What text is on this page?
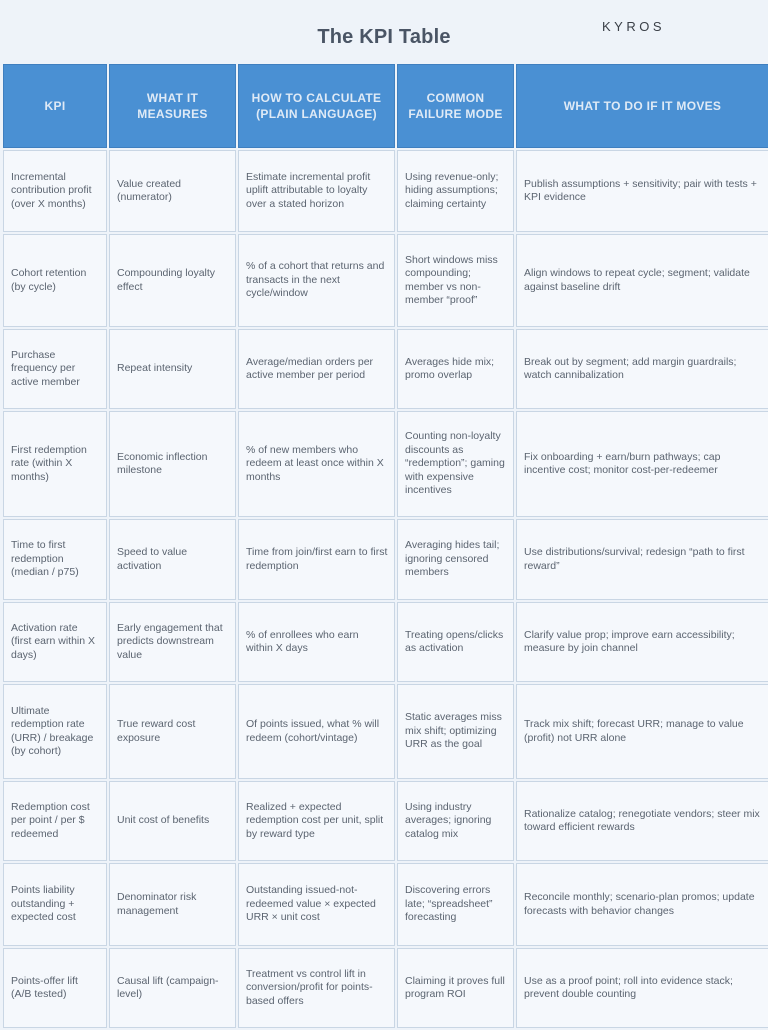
The KPI Table	KYROS
KPI	WHAT IT MEASURES	HOW TO CALCULATE (PLAIN LANGUAGE)	COMMON FAILURE MODE	WHAT TO DO IF IT MOVES
Incremental contribution profit (over X months)	Value created (numerator)	Estimate incremental profit uplift attributable to loyalty over a stated horizon	Using revenue-only; hiding assumptions; claiming certainty	Publish assumptions + sensitivity; pair with tests + KPI evidence
Cohort retention (by cycle)	Compounding loyalty effect	% of a cohort that returns and transacts in the next cycle/window	Short windows miss compounding; member vs non-member “proof”	Align windows to repeat cycle; segment; validate against baseline drift
Purchase frequency per active member	Repeat intensity	Average/median orders per active member per period	Averages hide mix; promo overlap	Break out by segment; add margin guardrails; watch cannibalization
First redemption rate (within X months)	Economic inflection milestone	% of new members who redeem at least once within X months	Counting non-loyalty discounts as “redemption”; gaming with expensive incentives	Fix onboarding + earn/burn pathways; cap incentive cost; monitor cost-per-redeemer
Time to first redemption (median / p75)	Speed to value activation	Time from join/first earn to first redemption	Averaging hides tail; ignoring censored members	Use distributions/survival; redesign “path to first reward”
Activation rate (first earn within X days)	Early engagement that predicts downstream value	% of enrollees who earn within X days	Treating opens/clicks as activation	Clarify value prop; improve earn accessibility; measure by join channel
Ultimate redemption rate (URR) / breakage (by cohort)	True reward cost exposure	Of points issued, what % will redeem (cohort/vintage)	Static averages miss mix shift; optimizing URR as the goal	Track mix shift; forecast URR; manage to value (profit) not URR alone
Redemption cost per point / per $ redeemed	Unit cost of benefits	Realized + expected redemption cost per unit, split by reward type	Using industry averages; ignoring catalog mix	Rationalize catalog; renegotiate vendors; steer mix toward efficient rewards
Points liability outstanding + expected cost	Denominator risk management	Outstanding issued-not-redeemed value × expected URR × unit cost	Discovering errors late; “spreadsheet” forecasting	Reconcile monthly; scenario-plan promos; update forecasts with behavior changes
Points-offer lift (A/B tested)	Causal lift (campaign-level)	Treatment vs control lift in conversion/profit for points-based offers	Claiming it proves full program ROI	Use as a proof point; roll into evidence stack; prevent double counting
